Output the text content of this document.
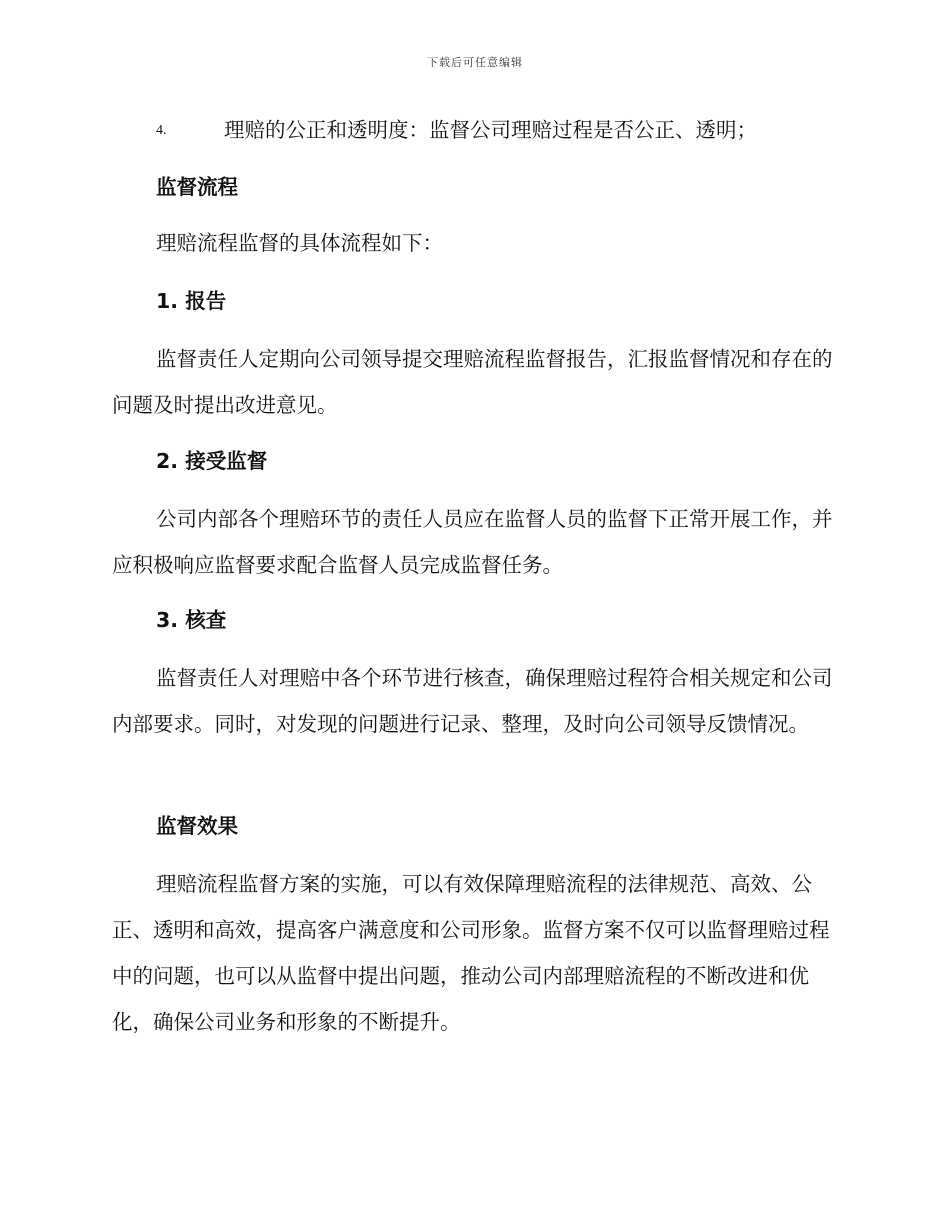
下载后可任意编辑

4.	理赔的公正和透明度：监督公司理赔过程是否公正、透明；

监督流程

理赔流程监督的具体流程如下：

1. 报告

监督责任人定期向公司领导提交理赔流程监督报告，汇报监督情况和存在的问题及时提出改进意见。

2. 接受监督

公司内部各个理赔环节的责任人员应在监督人员的监督下正常开展工作，并应积极响应监督要求配合监督人员完成监督任务。

3. 核查

监督责任人对理赔中各个环节进行核查，确保理赔过程符合相关规定和公司内部要求。同时，对发现的问题进行记录、整理，及时向公司领导反馈情况。

监督效果

理赔流程监督方案的实施，可以有效保障理赔流程的法律规范、高效、公正、透明和高效，提高客户满意度和公司形象。监督方案不仅可以监督理赔过程中的问题，也可以从监督中提出问题，推动公司内部理赔流程的不断改进和优化，确保公司业务和形象的不断提升。
